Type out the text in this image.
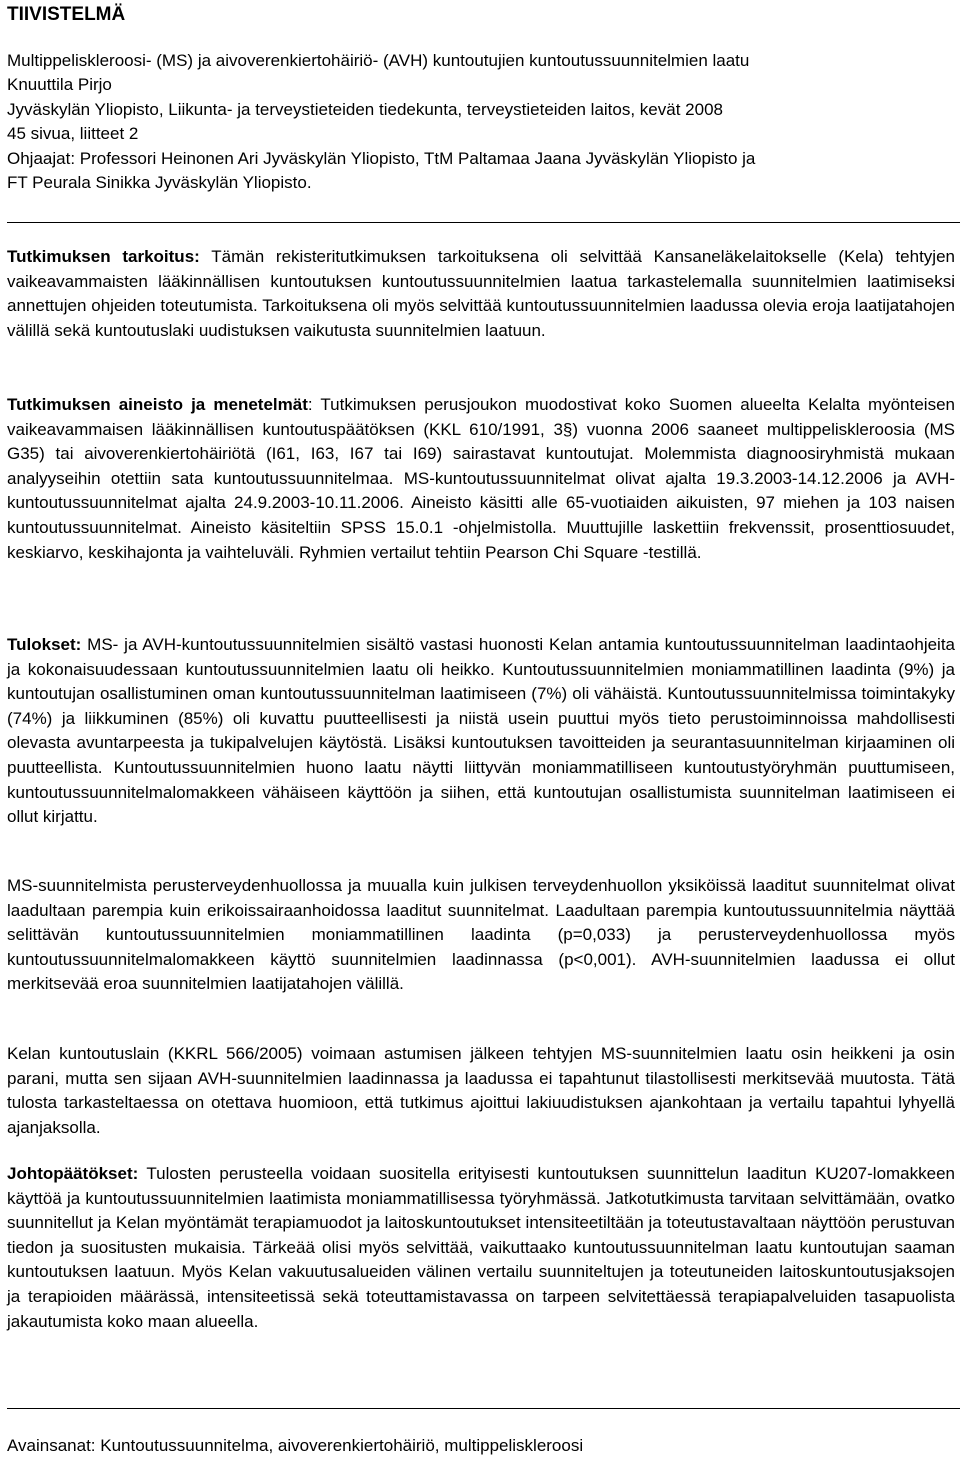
TIIVISTELMÄ
Multippeliskleroosi- (MS) ja aivoverenkiertohäiriö- (AVH) kuntoutujien kuntoutussuunnitelmien laatu
Knuuttila Pirjo
Jyväskylän Yliopisto, Liikunta- ja terveystieteiden tiedekunta, terveystieteiden laitos, kevät 2008
45 sivua, liitteet 2
Ohjaajat: Professori Heinonen Ari Jyväskylän Yliopisto, TtM Paltamaa Jaana Jyväskylän Yliopisto ja
FT Peurala Sinikka Jyväskylän Yliopisto.
Tutkimuksen tarkoitus: Tämän rekisteritutkimuksen tarkoituksena oli selvittää Kansaneläkelaitokselle (Kela) tehtyjen vaikeavammaisten lääkinnällisen kuntoutuksen kuntoutussuunnitelmien laatua tarkastelemalla suunnitelmien laatimiseksi annettujen ohjeiden toteutumista. Tarkoituksena oli myös selvittää kuntoutussuunnitelmien laadussa olevia eroja laatijatahojen välillä sekä kuntoutuslaki uudistuksen vaikutusta suunnitelmien laatuun.
Tutkimuksen aineisto ja menetelmät: Tutkimuksen perusjoukon muodostivat koko Suomen alueelta Kelalta myönteisen vaikeavammaisen lääkinnällisen kuntoutuspäätöksen (KKL 610/1991, 3§) vuonna 2006 saaneet multippeliskleroosia (MS G35) tai aivoverenkiertohäiriötä (I61, I63, I67 tai I69) sairastavat kuntoutujat. Molemmista diagnoosiryhmistä mukaan analyyseihin otettiin sata kuntoutussuunnitelmaa. MS-kuntoutussuunnitelmat olivat ajalta 19.3.2003-14.12.2006 ja AVH-kuntoutussuunnitelmat ajalta 24.9.2003-10.11.2006. Aineisto käsitti alle 65-vuotiaiden aikuisten, 97 miehen ja 103 naisen kuntoutussuunnitelmat. Aineisto käsiteltiin SPSS 15.0.1 -ohjelmistolla. Muuttujille laskettiin frekvenssit, prosenttiosuudet, keskiarvo, keskihajonta ja vaihteluväli. Ryhmien vertailut tehtiin Pearson Chi Square -testillä.
Tulokset: MS- ja AVH-kuntoutussuunnitelmien sisältö vastasi huonosti Kelan antamia kuntoutussuunnitelman laadintaohjeita ja kokonaisuudessaan kuntoutussuunnitelmien laatu oli heikko. Kuntoutussuunnitelmien moniammatillinen laadinta (9%) ja kuntoutujan osallistuminen oman kuntoutussuunnitelman laatimiseen (7%) oli vähäistä. Kuntoutussuunnitelmissa toimintakyky (74%) ja liikkuminen (85%) oli kuvattu puutteellisesti ja niistä usein puuttui myös tieto perustoiminnoissa mahdollisesti olevasta avuntarpeesta ja tukipalvelujen käytöstä. Lisäksi kuntoutuksen tavoitteiden ja seurantasuunnitelman kirjaaminen oli puutteellista. Kuntoutussuunnitelmien huono laatu näytti liittyvän moniammatilliseen kuntoutustyöryhmän puuttumiseen, kuntoutussuunnitelmalomakkeen vähäiseen käyttöön ja siihen, että kuntoutujan osallistumista suunnitelman laatimiseen ei ollut kirjattu.
MS-suunnitelmista perusterveydenhuollossa ja muualla kuin julkisen terveydenhuollon yksiköissä laaditut suunnitelmat olivat laadultaan parempia kuin erikoissairaanhoidossa laaditut suunnitelmat. Laadultaan parempia kuntoutussuunnitelmia näyttää selittävän kuntoutussuunnitelmien moniammatillinen laadinta (p=0,033) ja perusterveydenhuollossa myös kuntoutussuunnitelmalomakkeen käyttö suunnitelmien laadinnassa (p<0,001). AVH-suunnitelmien laadussa ei ollut merkitsevää eroa suunnitelmien laatijatahojen välillä.
Kelan kuntoutuslain (KKRL 566/2005) voimaan astumisen jälkeen tehtyjen MS-suunnitelmien laatu osin heikkeni ja osin parani, mutta sen sijaan AVH-suunnitelmien laadinnassa ja laadussa ei tapahtunut tilastollisesti merkitsevää muutosta. Tätä tulosta tarkasteltaessa on otettava huomioon, että tutkimus ajoittui lakiuudistuksen ajankohtaan ja vertailu tapahtui lyhyellä ajanjaksolla.
Johtopäätökset: Tulosten perusteella voidaan suositella erityisesti kuntoutuksen suunnittelun laaditun KU207-lomakkeen käyttöä ja kuntoutussuunnitelmien laatimista moniammatillisessa työryhmässä. Jatkotutkimusta tarvitaan selvittämään, ovatko suunnitellut ja Kelan myöntämät terapiamuodot ja laitoskuntoutukset intensiteetiltään ja toteutustavaltaan näyttöön perustuvan tiedon ja suositusten mukaisia. Tärkeää olisi myös selvittää, vaikuttaako kuntoutussuunnitelman laatu kuntoutujan saaman kuntoutuksen laatuun. Myös Kelan vakuutusalueiden välinen vertailu suunniteltujen ja toteutuneiden laitoskuntoutusjaksojen ja terapioiden määrässä, intensiteetissä sekä toteuttamistavassa on tarpeen selvitettäessä terapiapalveluiden tasapuolista jakautumista koko maan alueella.
Avainsanat: Kuntoutussuunnitelma, aivoverenkiertohäiriö, multippeliskleroosi
